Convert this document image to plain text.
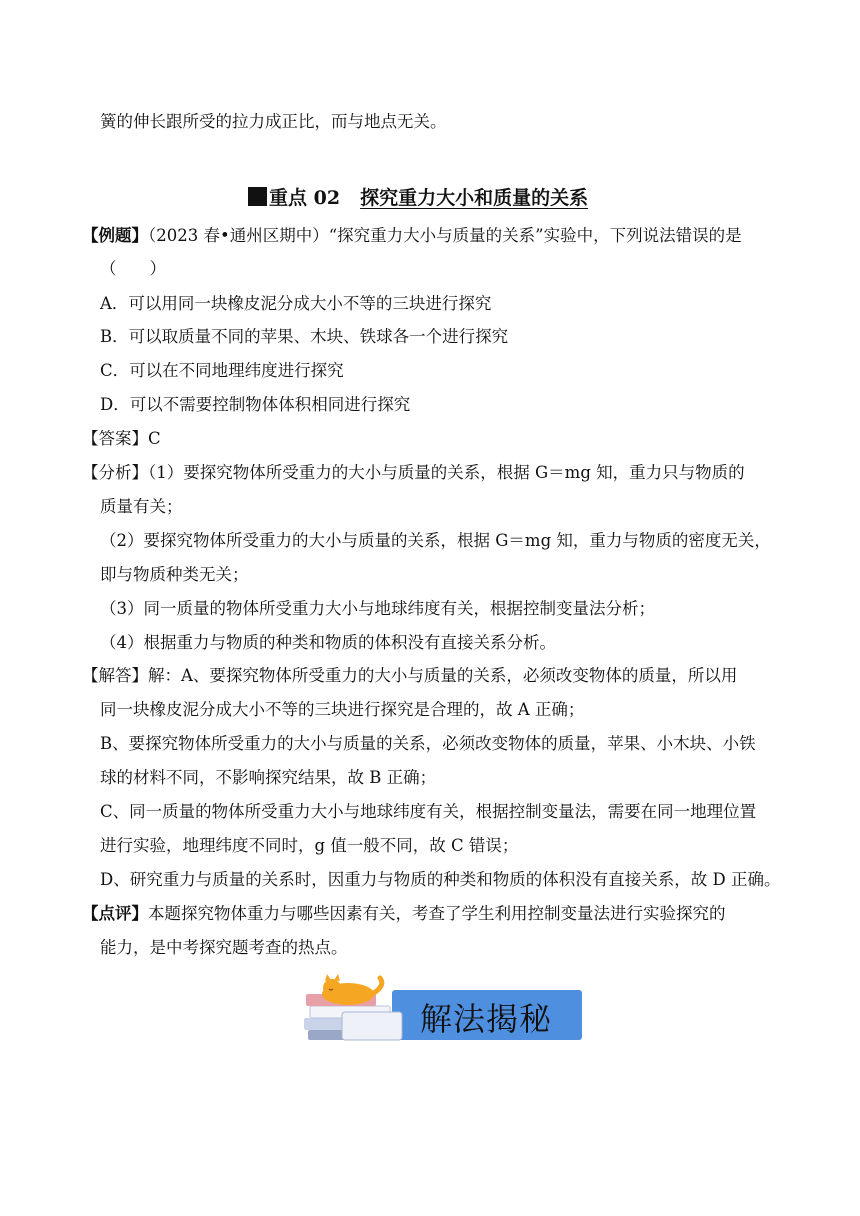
簧的伸长跟所受的拉力成正比，而与地点无关。
重点 02 探究重力大小和质量的关系
【例题】（2023 春•通州区期中）“探究重力大小与质量的关系”实验中，下列说法错误的是
（　　）
A．可以用同一块橡皮泥分成大小不等的三块进行探究
B．可以取质量不同的苹果、木块、铁球各一个进行探究
C．可以在不同地理纬度进行探究
D．可以不需要控制物体体积相同进行探究
【答案】C
【分析】（1）要探究物体所受重力的大小与质量的关系，根据 G＝mg 知，重力只与物质的
质量有关；
（2）要探究物体所受重力的大小与质量的关系，根据 G＝mg 知，重力与物质的密度无关，
即与物质种类无关；
（3）同一质量的物体所受重力大小与地球纬度有关，根据控制变量法分析；
（4）根据重力与物质的种类和物质的体积没有直接关系分析。
【解答】解：A、要探究物体所受重力的大小与质量的关系，必须改变物体的质量，所以用
同一块橡皮泥分成大小不等的三块进行探究是合理的，故 A 正确；
B、要探究物体所受重力的大小与质量的关系，必须改变物体的质量，苹果、小木块、小铁
球的材料不同，不影响探究结果，故 B 正确；
C、同一质量的物体所受重力大小与地球纬度有关，根据控制变量法，需要在同一地理位置
进行实验，地理纬度不同时，g 值一般不同，故 C 错误；
D、研究重力与质量的关系时，因重力与物质的种类和物质的体积没有直接关系，故 D 正确。
【点评】本题探究物体重力与哪些因素有关，考查了学生利用控制变量法进行实验探究的
能力，是中考探究题考查的热点。
解法揭秘
